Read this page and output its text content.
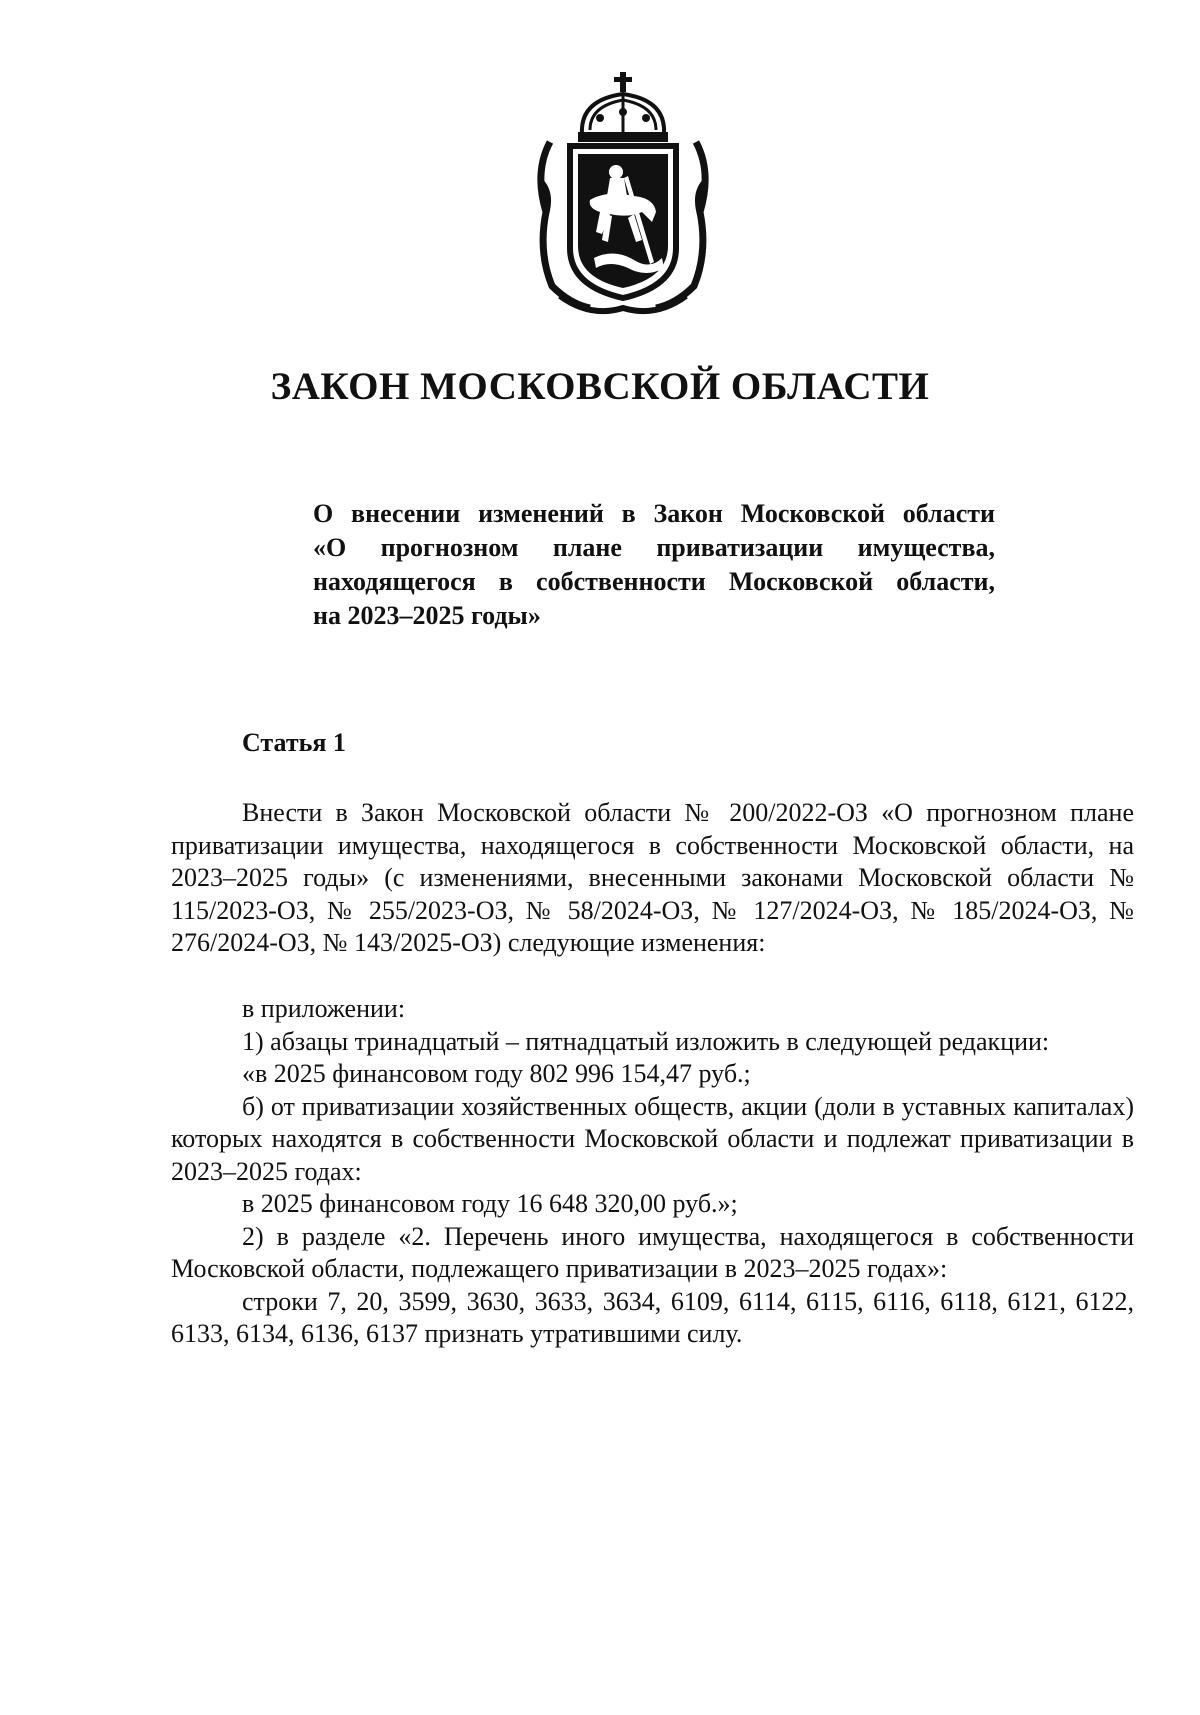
ЗАКОН МОСКОВСКОЙ ОБЛАСТИ
О внесении изменений в Закон Московской области
«О прогнозном плане приватизации имущества,
находящегося в собственности Московской области,
на 2023–2025 годы»
Статья 1

Внести в Закон Московской области № 200/2022-ОЗ «О прогнозном плане приватизации имущества, находящегося в собственности Московской области, на 2023–2025 годы» (с изменениями, внесенными законами Московской области № 115/2023-ОЗ, № 255/2023-ОЗ, № 58/2024-ОЗ, № 127/2024-ОЗ, № 185/2024-ОЗ, № 276/2024-ОЗ, № 143/2025-ОЗ) следующие изменения:

в приложении:

1) абзацы тринадцатый – пятнадцатый изложить в следующей редакции:

«в 2025 финансовом году 802 996 154,47 руб.;

б) от приватизации хозяйственных обществ, акции (доли в уставных капиталах) которых находятся в собственности Московской области и подлежат приватизации в 2023–2025 годах:

в 2025 финансовом году 16 648 320,00 руб.»;

2) в разделе «2. Перечень иного имущества, находящегося в собственности Московской области, подлежащего приватизации в 2023–2025 годах»:

строки 7, 20, 3599, 3630, 3633, 3634, 6109, 6114, 6115, 6116, 6118, 6121, 6122, 6133, 6134, 6136, 6137 признать утратившими силу.
